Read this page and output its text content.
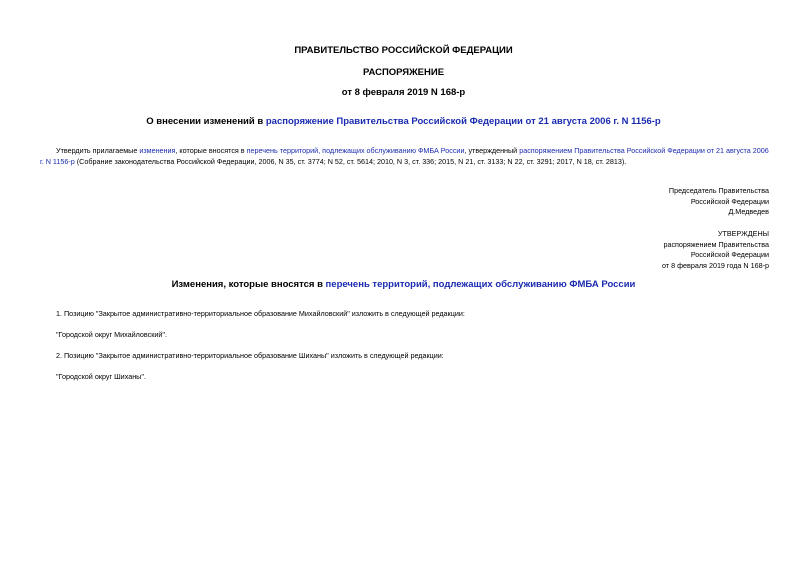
ПРАВИТЕЛЬСТВО РОССИЙСКОЙ ФЕДЕРАЦИИ
РАСПОРЯЖЕНИЕ
от 8 февраля 2019 N 168-р
О внесении изменений в распоряжение Правительства Российской Федерации от 21 августа 2006 г. N 1156-р
Утвердить прилагаемые изменения, которые вносятся в перечень территорий, подлежащих обслуживанию ФМБА России, утвержденный распоряжением Правительства Российской Федерации от 21 августа 2006 г. N 1156-р (Собрание законодательства Российской Федерации, 2006, N 35, ст. 3774; N 52, ст. 5614; 2010, N 3, ст. 336; 2015, N 21, ст. 3133; N 22, ст. 3291; 2017, N 18, ст. 2813).
Председатель Правительства
Российской Федерации
Д.Медведев
УТВЕРЖДЕНЫ
распоряжением Правительства
Российской Федерации
от 8 февраля 2019 года N 168-р
Изменения, которые вносятся в перечень территорий, подлежащих обслуживанию ФМБА России
1. Позицию "Закрытое административно-территориальное образование Михайловский" изложить в следующей редакции:
"Городской округ Михайловский".
2. Позицию "Закрытое административно-территориальное образование Шиханы" изложить в следующей редакции:
"Городской округ Шиханы".
